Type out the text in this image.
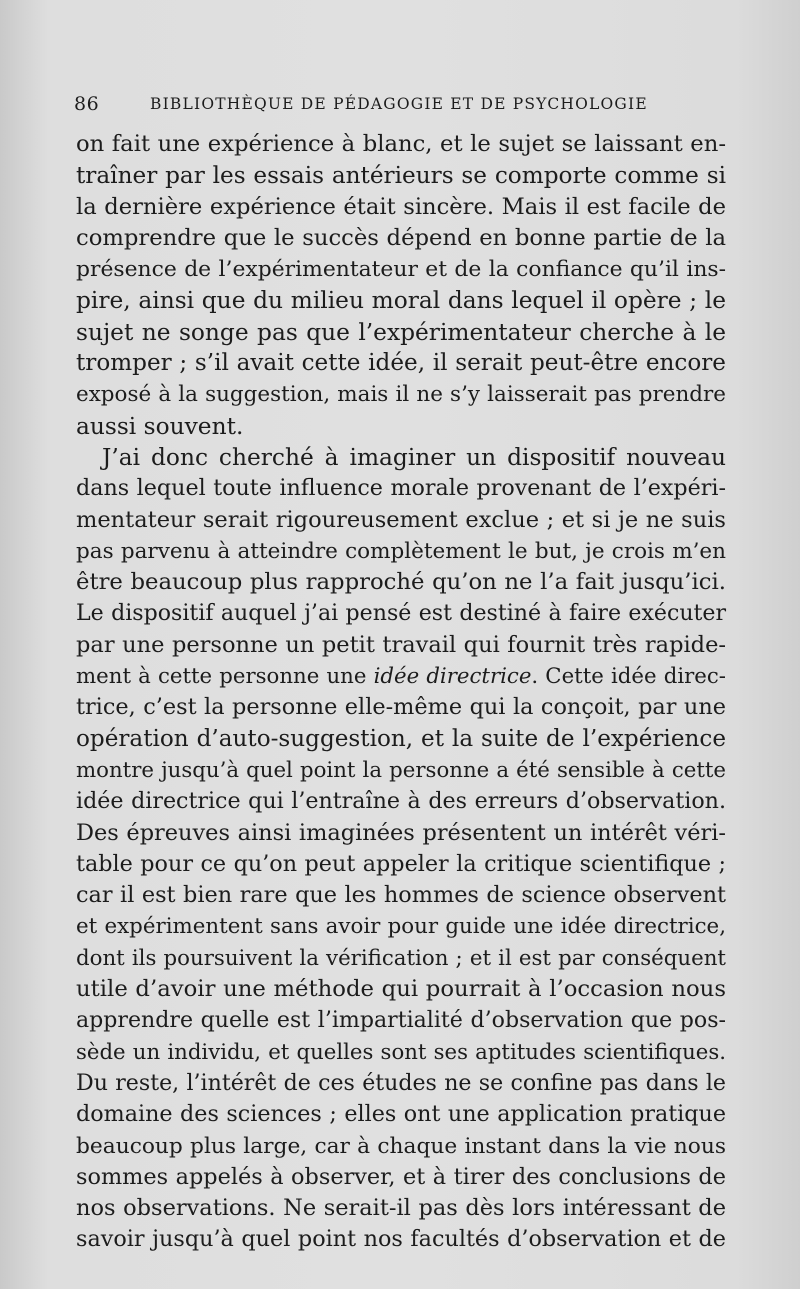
86	BIBLIOTHÈQUE DE PÉDAGOGIE ET DE PSYCHOLOGIE
on fait une expérience à blanc, et le sujet se laissant en-
traîner par les essais antérieurs se comporte comme si
la dernière expérience était sincère. Mais il est facile de
comprendre que le succès dépend en bonne partie de la
présence de l’expérimentateur et de la confiance qu’il ins-
pire, ainsi que du milieu moral dans lequel il opère ; le
sujet ne songe pas que l’expérimentateur cherche à le
tromper ; s’il avait cette idée, il serait peut-être encore
exposé à la suggestion, mais il ne s’y laisserait pas prendre
aussi souvent.
J’ai donc cherché à imaginer un dispositif nouveau
dans lequel toute influence morale provenant de l’expéri-
mentateur serait rigoureusement exclue ; et si je ne suis
pas parvenu à atteindre complètement le but, je crois m’en
être beaucoup plus rapproché qu’on ne l’a fait jusqu’ici.
Le dispositif auquel j’ai pensé est destiné à faire exécuter
par une personne un petit travail qui fournit très rapide-
ment à cette personne une idée directrice. Cette idée direc-
trice, c’est la personne elle-même qui la conçoit, par une
opération d’auto-suggestion, et la suite de l’expérience
montre jusqu’à quel point la personne a été sensible à cette
idée directrice qui l’entraîne à des erreurs d’observation.
Des épreuves ainsi imaginées présentent un intérêt véri-
table pour ce qu’on peut appeler la critique scientifique ;
car il est bien rare que les hommes de science observent
et expérimentent sans avoir pour guide une idée directrice,
dont ils poursuivent la vérification ; et il est par conséquent
utile d’avoir une méthode qui pourrait à l’occasion nous
apprendre quelle est l’impartialité d’observation que pos-
sède un individu, et quelles sont ses aptitudes scientifiques.
Du reste, l’intérêt de ces études ne se confine pas dans le
domaine des sciences ; elles ont une application pratique
beaucoup plus large, car à chaque instant dans la vie nous
sommes appelés à observer, et à tirer des conclusions de
nos observations. Ne serait-il pas dès lors intéressant de
savoir jusqu’à quel point nos facultés d’observation et de
